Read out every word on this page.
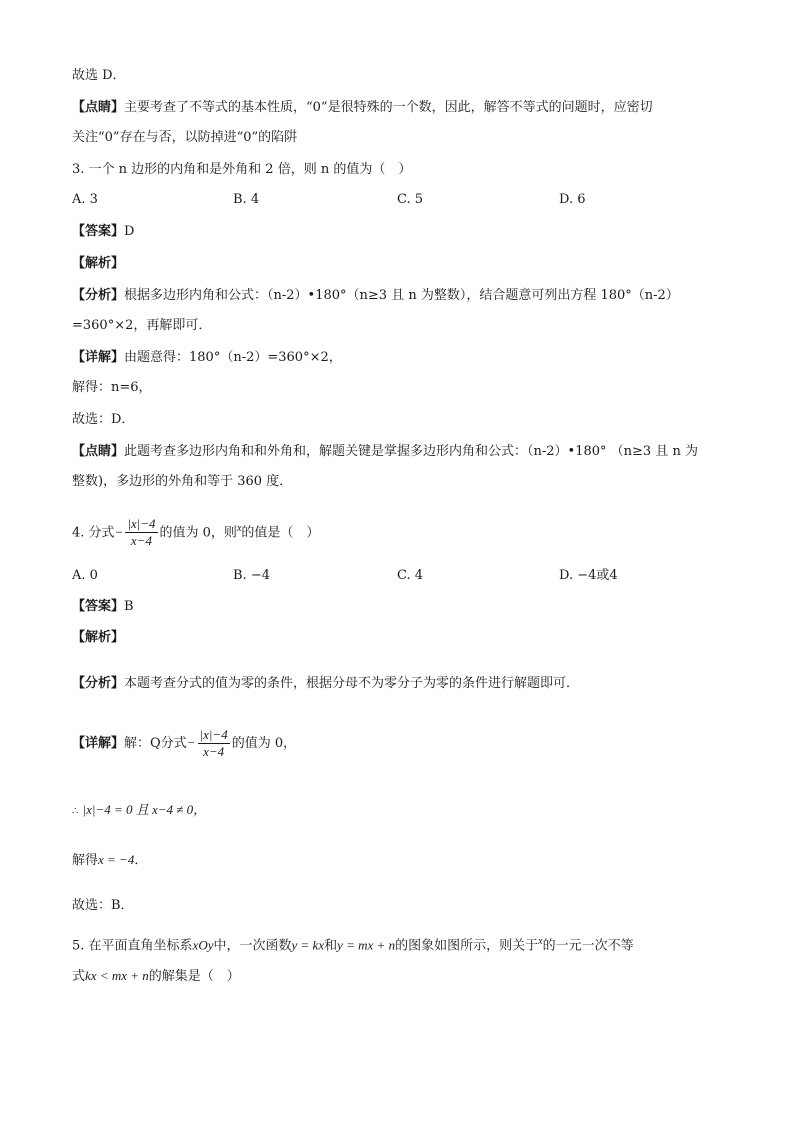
故选 D．
【点睛】主要考查了不等式的基本性质，“0”是很特殊的一个数，因此，解答不等式的问题时，应密切
关注“0”存在与否，以防掉进“0”的陷阱
3. 一个 n 边形的内角和是外角和 2 倍，则 n 的值为（　）
A. 3	B. 4	C. 5	D. 6
【答案】D
【解析】
【分析】根据多边形内角和公式：（n-2）•180°（n≥3 且 n 为整数），结合题意可列出方程 180°（n-2）
=360°×2，再解即可．
【详解】由题意得：180°（n-2）=360°×2，
解得：n=6，
故选：D．
【点睛】此题考查多边形内角和和外角和，解题关键是掌握多边形内角和公式：（n-2）•180° （n≥3 且 n 为
整数)，多边形的外角和等于 360 度．
4. 分式− $\frac{|x|-4}{x-4}$ 的值为 0，则$^x$的值是（　）
A. 0	B. −4	C. 4	D. −4或4
【答案】B
【解析】
【分析】本题考查分式的值为零的条件，根据分母不为零分子为零的条件进行解题即可．
【详解】解：Q分式− $\frac{|x|-4}{x-4}$ 的值为 0，
∴ |x|−4 = 0 且 x−4 ≠ 0，
解得x = −4．
故选：B．
5. 在平面直角坐标系xOy中，一次函数y = kx和y = mx + n的图象如图所示，则关于$^x$的一元一次不等
式kx < mx + n的解集是（　）
